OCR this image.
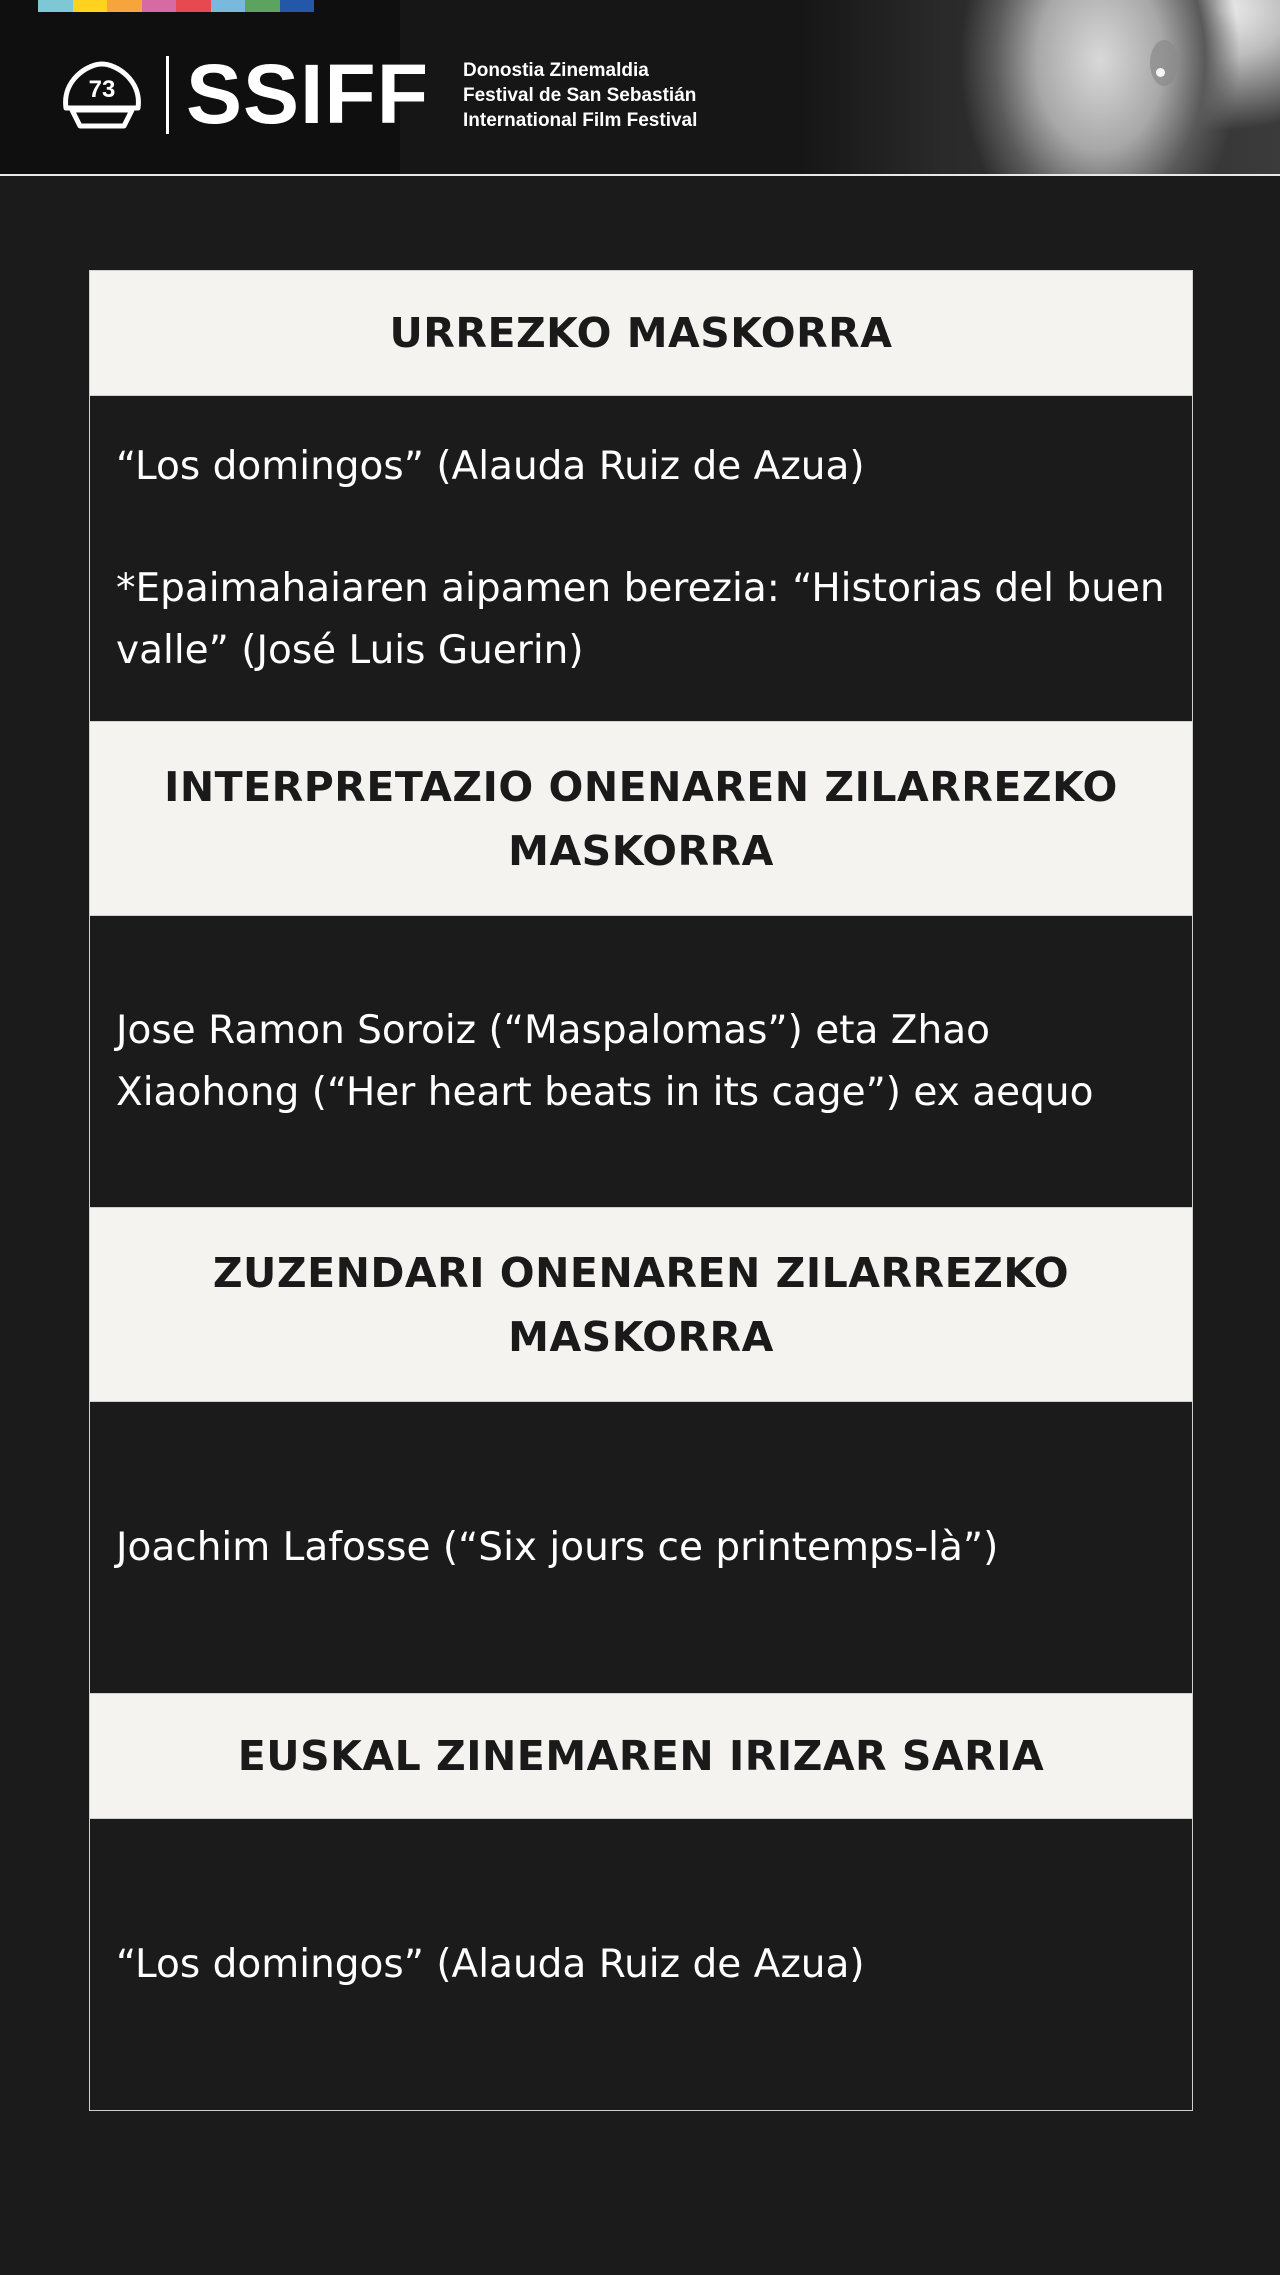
73 SSIFF Donostia Zinemaldia
Festival de San Sebastián
International Film Festival
URREZKO MASKORRA

“Los domingos” (Alauda Ruiz de Azua)

*Epaimahaiaren aipamen berezia: “Historias del buen valle” (José Luis Guerin)

INTERPRETAZIO ONENAREN ZILARREZKO MASKORRA

Jose Ramon Soroiz (“Maspalomas”) eta Zhao Xiaohong (“Her heart beats in its cage”) ex aequo

ZUZENDARI ONENAREN ZILARREZKO MASKORRA

Joachim Lafosse (“Six jours ce printemps-là”)

EUSKAL ZINEMAREN IRIZAR SARIA

“Los domingos” (Alauda Ruiz de Azua)
